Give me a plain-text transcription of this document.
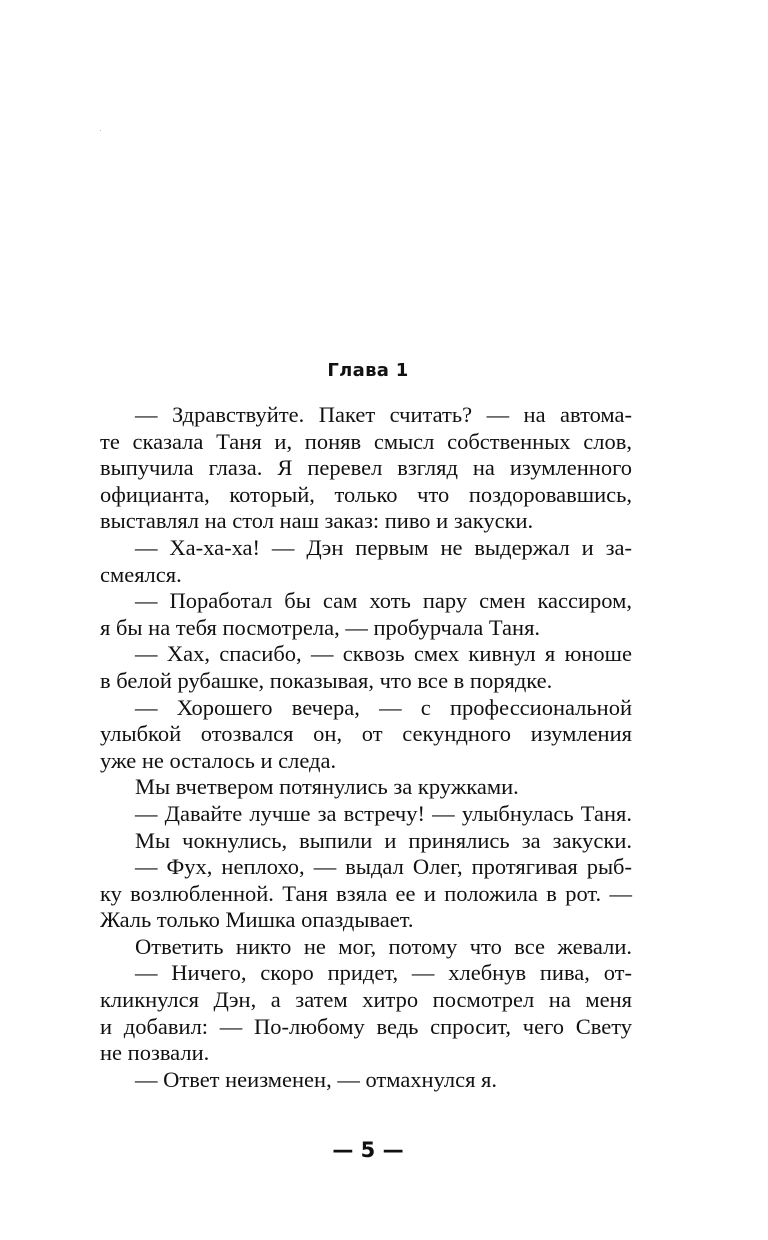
Глава 1
— Здравствуйте. Пакет считать? — на автома-
те сказала Таня и, поняв смысл собственных слов,
выпучила глаза. Я перевел взгляд на изумленного
официанта, который, только что поздоровавшись,
выставлял на стол наш заказ: пиво и закуски.
— Ха-ха-ха! — Дэн первым не выдержал и за-
смеялся.
— Поработал бы сам хоть пару смен кассиром,
я бы на тебя посмотрела, — пробурчала Таня.
— Хах, спасибо, — сквозь смех кивнул я юноше
в белой рубашке, показывая, что все в порядке.
— Хорошего вечера, — с профессиональной
улыбкой отозвался он, от секундного изумления
уже не осталось и следа.
Мы вчетвером потянулись за кружками.
— Давайте лучше за встречу! — улыбнулась Таня.
Мы чокнулись, выпили и принялись за закуски.
— Фух, неплохо, — выдал Олег, протягивая рыб-
ку возлюбленной. Таня взяла ее и положила в рот. —
Жаль только Мишка опаздывает.
Ответить никто не мог, потому что все жевали.
— Ничего, скоро придет, — хлебнув пива, от-
кликнулся Дэн, а затем хитро посмотрел на меня
и добавил: — По-любому ведь спросит, чего Свету
не позвали.
— Ответ неизменен, — отмахнулся я.
— 5 —
